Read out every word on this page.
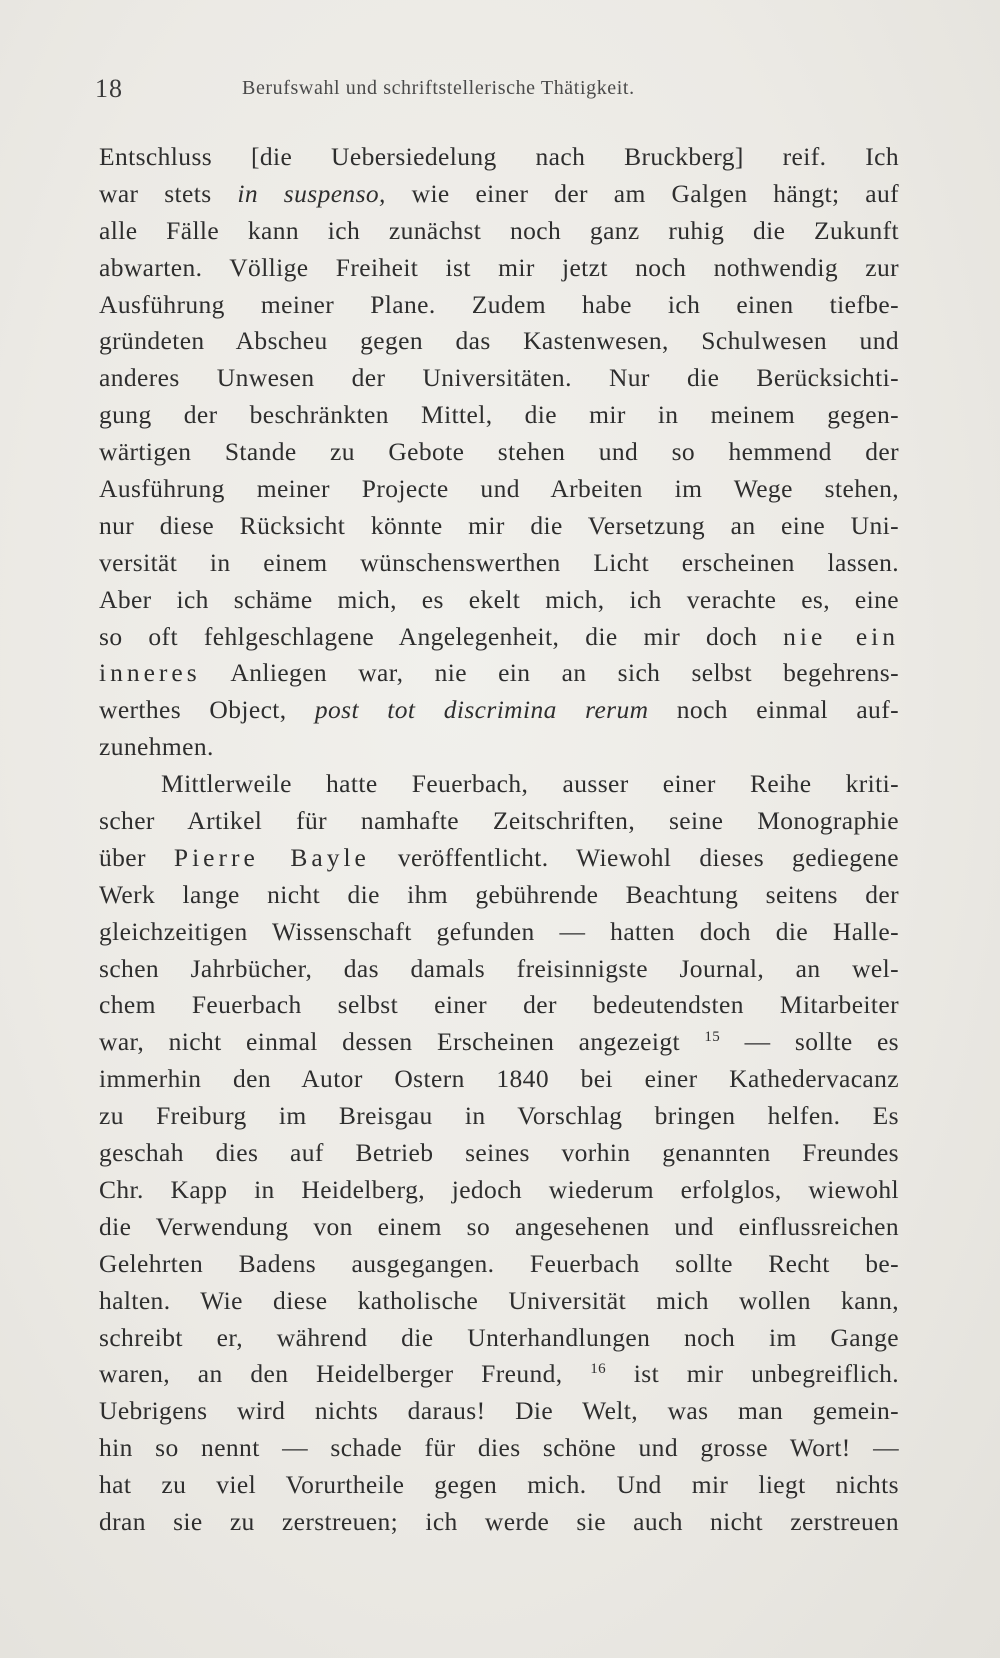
18	Berufswahl und schriftstellerische Thätigkeit.
Entschluss [die Uebersiedelung nach Bruckberg] reif. Ich
war stets in suspenso, wie einer der am Galgen hängt; auf
alle Fälle kann ich zunächst noch ganz ruhig die Zukunft
abwarten. Völlige Freiheit ist mir jetzt noch nothwendig zur
Ausführung meiner Plane. Zudem habe ich einen tiefbe-
gründeten Abscheu gegen das Kastenwesen, Schulwesen und
anderes Unwesen der Universitäten. Nur die Berücksichti-
gung der beschränkten Mittel, die mir in meinem gegen-
wärtigen Stande zu Gebote stehen und so hemmend der
Ausführung meiner Projecte und Arbeiten im Wege stehen,
nur diese Rücksicht könnte mir die Versetzung an eine Uni-
versität in einem wünschenswerthen Licht erscheinen lassen.
Aber ich schäme mich, es ekelt mich, ich verachte es, eine
so oft fehlgeschlagene Angelegenheit, die mir doch nie ein
inneres Anliegen war, nie ein an sich selbst begehrens-
werthes Object, post tot discrimina rerum noch einmal auf-
zunehmen.
Mittlerweile hatte Feuerbach, ausser einer Reihe kriti-
scher Artikel für namhafte Zeitschriften, seine Monographie
über Pierre Bayle veröffentlicht. Wiewohl dieses gediegene
Werk lange nicht die ihm gebührende Beachtung seitens der
gleichzeitigen Wissenschaft gefunden — hatten doch die Halle-
schen Jahrbücher, das damals freisinnigste Journal, an wel-
chem Feuerbach selbst einer der bedeutendsten Mitarbeiter
war, nicht einmal dessen Erscheinen angezeigt $^{15}$ — sollte es
immerhin den Autor Ostern 1840 bei einer Kathedervacanz
zu Freiburg im Breisgau in Vorschlag bringen helfen. Es
geschah dies auf Betrieb seines vorhin genannten Freundes
Chr. Kapp in Heidelberg, jedoch wiederum erfolglos, wiewohl
die Verwendung von einem so angesehenen und einflussreichen
Gelehrten Badens ausgegangen. Feuerbach sollte Recht be-
halten. Wie diese katholische Universität mich wollen kann,
schreibt er, während die Unterhandlungen noch im Gange
waren, an den Heidelberger Freund, $^{16}$ ist mir unbegreiflich.
Uebrigens wird nichts daraus! Die Welt, was man gemein-
hin so nennt — schade für dies schöne und grosse Wort! —
hat zu viel Vorurtheile gegen mich. Und mir liegt nichts
dran sie zu zerstreuen; ich werde sie auch nicht zerstreuen
